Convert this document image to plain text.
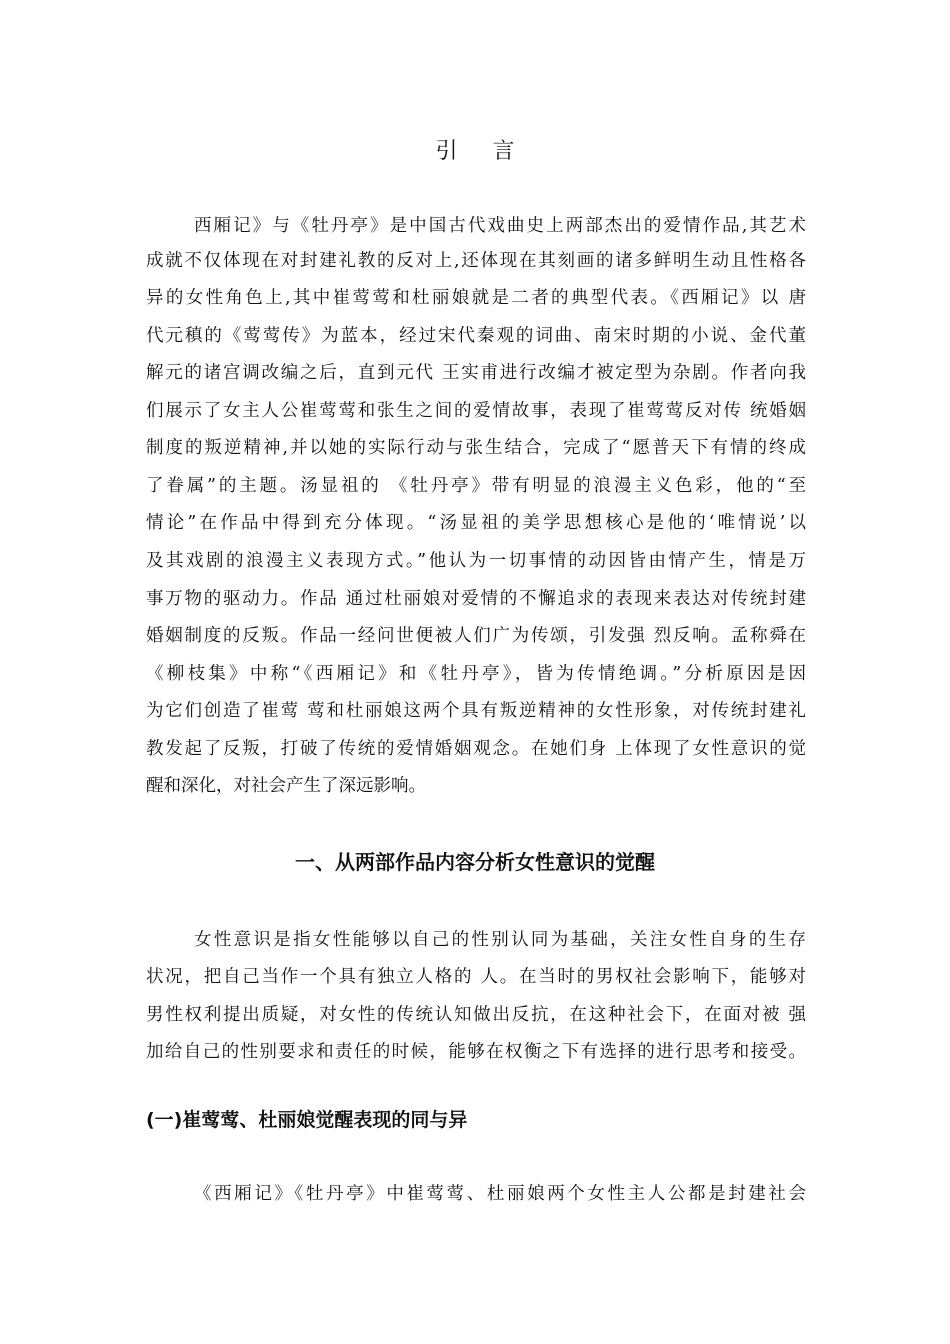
引 言
西厢记》与《牡丹亭》是中国古代戏曲史上两部杰出的爱情作品,其艺术
成就不仅体现在对封建礼教的反对上,还体现在其刻画的诸多鲜明生动且性格各
异的女性角色上,其中崔莺莺和杜丽娘就是二者的典型代表。《西厢记》以 唐
代元稹的《莺莺传》为蓝本，经过宋代秦观的词曲、南宋时期的小说、金代董
解元的诸宫调改编之后，直到元代 王实甫进行改编才被定型为杂剧。作者向我
们展示了女主人公崔莺莺和张生之间的爱情故事，表现了崔莺莺反对传 统婚姻
制度的叛逆精神,并以她的实际行动与张生结合，完成了“愿普天下有情的终成
了眷属”的主题。汤显祖的 《牡丹亭》带有明显的浪漫主义色彩，他的“至
情论”在作品中得到充分体现。“汤显祖的美学思想核心是他的‘唯情说’以
及其戏剧的浪漫主义表现方式。”他认为一切事情的动因皆由情产生，情是万
事万物的驱动力。作品 通过杜丽娘对爱情的不懈追求的表现来表达对传统封建
婚姻制度的反叛。作品一经问世便被人们广为传颂，引发强 烈反响。孟称舜在
《柳枝集》中称“《西厢记》和《牡丹亭》，皆为传情绝调。”分析原因是因
为它们创造了崔莺 莺和杜丽娘这两个具有叛逆精神的女性形象，对传统封建礼
教发起了反叛，打破了传统的爱情婚姻观念。在她们身 上体现了女性意识的觉
醒和深化，对社会产生了深远影响。
一、从两部作品内容分析女性意识的觉醒
女性意识是指女性能够以自己的性别认同为基础，关注女性自身的生存
状况，把自己当作一个具有独立人格的 人。在当时的男权社会影响下，能够对
男性权利提出质疑，对女性的传统认知做出反抗，在这种社会下，在面对被 强
加给自己的性别要求和责任的时候，能够在权衡之下有选择的进行思考和接受。
(一)崔莺莺、杜丽娘觉醒表现的同与异
《西厢记》《牡丹亭》中崔莺莺、杜丽娘两个女性主人公都是封建社会
